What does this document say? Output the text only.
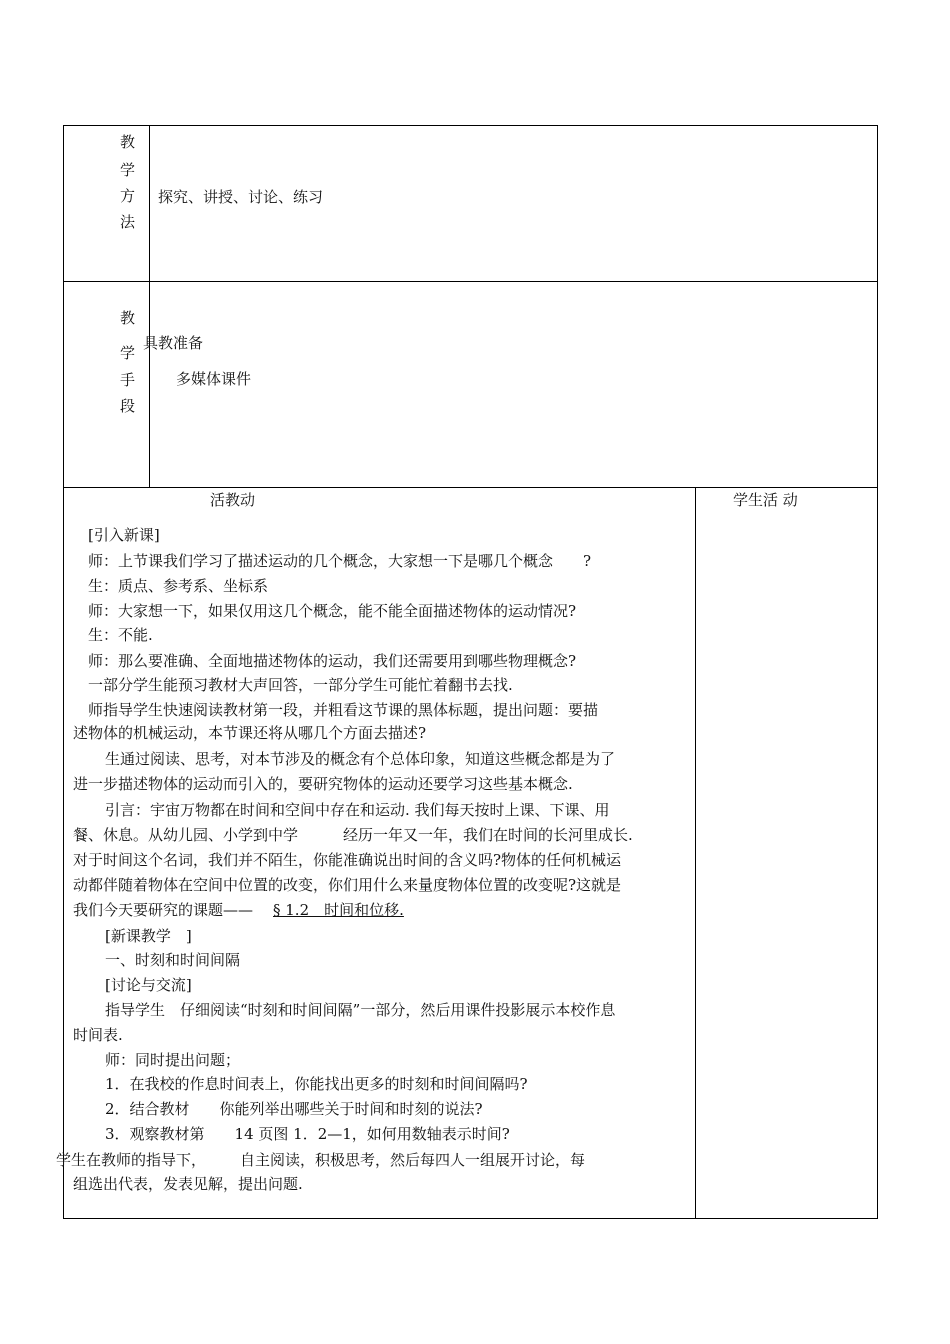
教
学
方
法
探究、讲授、讨论、练习
教
学
手
段
具教准备
多媒体课件
活教动	学生活 动
[引入新课]
师：上节课我们学习了描述运动的几个概念，大家想一下是哪几个概念　　?
生：质点、参考系、坐标系
师：大家想一下，如果仅用这几个概念，能不能全面描述物体的运动情况?
生：不能.
师：那么要准确、全面地描述物体的运动，我们还需要用到哪些物理概念?
一部分学生能预习教材大声回答，一部分学生可能忙着翻书去找.
师指导学生快速阅读教材第一段，并粗看这节课的黑体标题，提出问题：要描
述物体的机械运动，本节课还将从哪几个方面去描述?
生通过阅读、思考，对本节涉及的概念有个总体印象，知道这些概念都是为了
进一步描述物体的运动而引入的，要研究物体的运动还要学习这些基本概念.
引言：宇宙万物都在时间和空间中存在和运动. 我们每天按时上课、下课、用
餐、休息。从幼儿园、小学到中学　　　经历一年又一年，我们在时间的长河里成长.
对于时间这个名词，我们并不陌生，你能准确说出时间的含义吗?物体的任何机械运
动都伴随着物体在空间中位置的改变，你们用什么来量度物体位置的改变呢?这就是
我们今天要研究的课题—— § 1.2　时间和位移.
[新课教学　]
一、时刻和时间间隔
[讨论与交流]
指导学生　仔细阅读“时刻和时间间隔”一部分，然后用课件投影展示本校作息
时间表.
师：同时提出问题；
1．在我校的作息时间表上，你能找出更多的时刻和时间间隔吗?
2．结合教材　　你能列举出哪些关于时间和时刻的说法?
3．观察教材第　　14 页图 1．2—1，如何用数轴表示时间?
学生在教师的指导下， 自主阅读，积极思考，然后每四人一组展开讨论，每
组选出代表，发表见解，提出问题.
